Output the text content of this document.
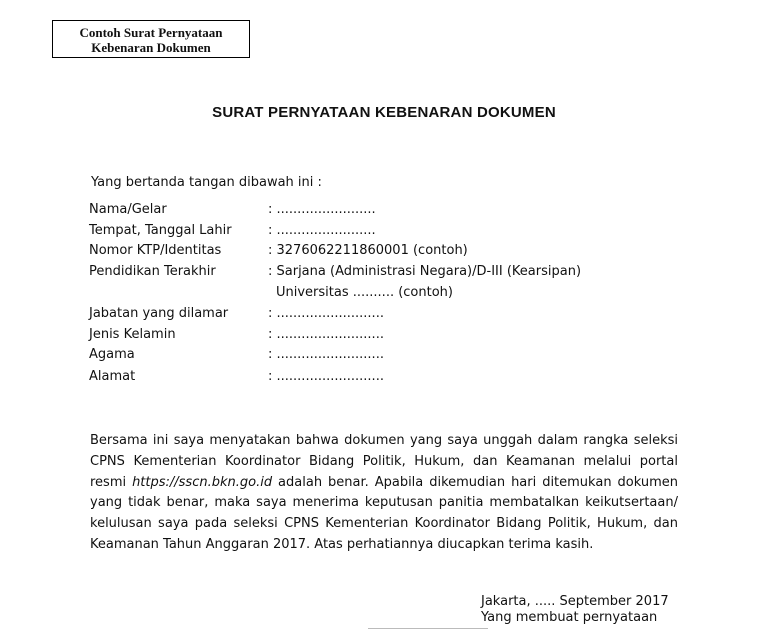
Contoh Surat Pernyataan
Kebenaran Dokumen
SURAT PERNYATAAN KEBENARAN DOKUMEN
Yang bertanda tangan dibawah ini :
Nama/Gelar	: ........................
Tempat, Tanggal Lahir	: ........................
Nomor KTP/Identitas	: 3276062211860001 (contoh)
Pendidikan Terakhir	: Sarjana (Administrasi Negara)/D-III (Kearsipan)
Universitas .......... (contoh)
Jabatan yang dilamar	: ..........................
Jenis Kelamin	: ..........................
Agama	: ..........................
Alamat	: ..........................
Bersama ini saya menyatakan bahwa dokumen yang saya unggah dalam rangka seleksi
CPNS Kementerian Koordinator Bidang Politik, Hukum, dan Keamanan melalui portal
resmi https://sscn.bkn.go.id adalah benar. Apabila dikemudian hari ditemukan dokumen
yang tidak benar, maka saya menerima keputusan panitia membatalkan keikutsertaan/
kelulusan saya pada seleksi CPNS Kementerian Koordinator Bidang Politik, Hukum, dan
Keamanan Tahun Anggaran 2017. Atas perhatiannya diucapkan terima kasih.
Jakarta, ..... September 2017
Yang membuat pernyataan
